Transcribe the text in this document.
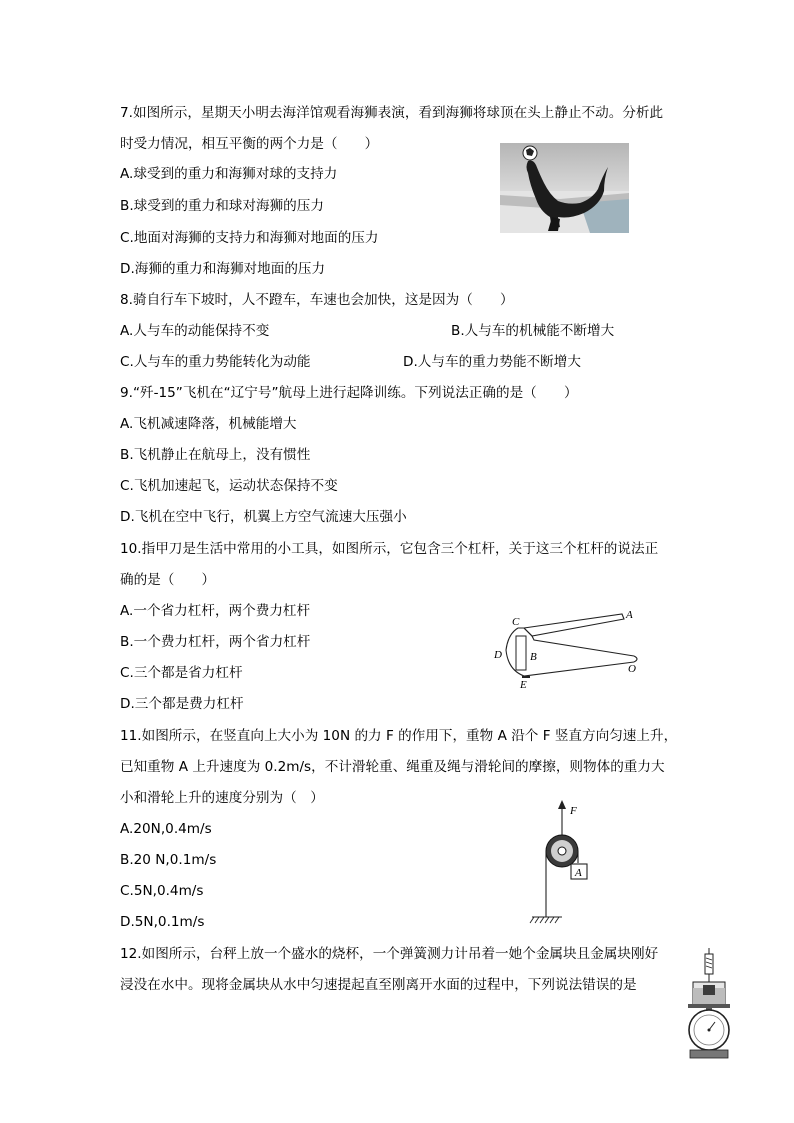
7.如图所示，星期天小明去海洋馆观看海狮表演，看到海狮将球顶在头上静止不动。分析此
时受力情况，相互平衡的两个力是（　　）
A.球受到的重力和海狮对球的支持力
B.球受到的重力和球对海狮的压力
C.地面对海狮的支持力和海狮对地面的压力
D.海狮的重力和海狮对地面的压力
8.骑自行车下坡时，人不蹬车，车速也会加快，这是因为（　　）
A.人与车的动能保持不变	B.人与车的机械能不断增大
C.人与车的重力势能转化为动能	D.人与车的重力势能不断增大
9.“歼-15”飞机在“辽宁号”航母上进行起降训练。下列说法正确的是（　　）
A.飞机减速降落，机械能增大
B.飞机静止在航母上，没有惯性
C.飞机加速起飞，运动状态保持不变
D.飞机在空中飞行，机翼上方空气流速大压强小
10.指甲刀是生活中常用的小工具，如图所示，它包含三个杠杆，关于这三个杠杆的说法正
确的是（　　）
A.一个省力杠杆，两个费力杠杆
B.一个费力杠杆，两个省力杠杆
C.三个都是省力杠杆
D.三个都是费力杠杆
C
A
B
D
E
O
11.如图所示，在竖直向上大小为 10N 的力 F 的作用下，重物 A 沿个 F 竖直方向匀速上升，
已知重物 A 上升速度为 0.2m/s，不计滑轮重、绳重及绳与滑轮间的摩擦，则物体的重力大
小和滑轮上升的速度分别为（　）
A.20N,0.4m/s
B.20 N,0.1m/s
C.5N,0.4m/s
D.5N,0.1m/s
F
A
12.如图所示，台秤上放一个盛水的烧杯，一个弹簧测力计吊着一她个金属块且金属块刚好
浸没在水中。现将金属块从水中匀速提起直至刚离开水面的过程中，下列说法错误的是
